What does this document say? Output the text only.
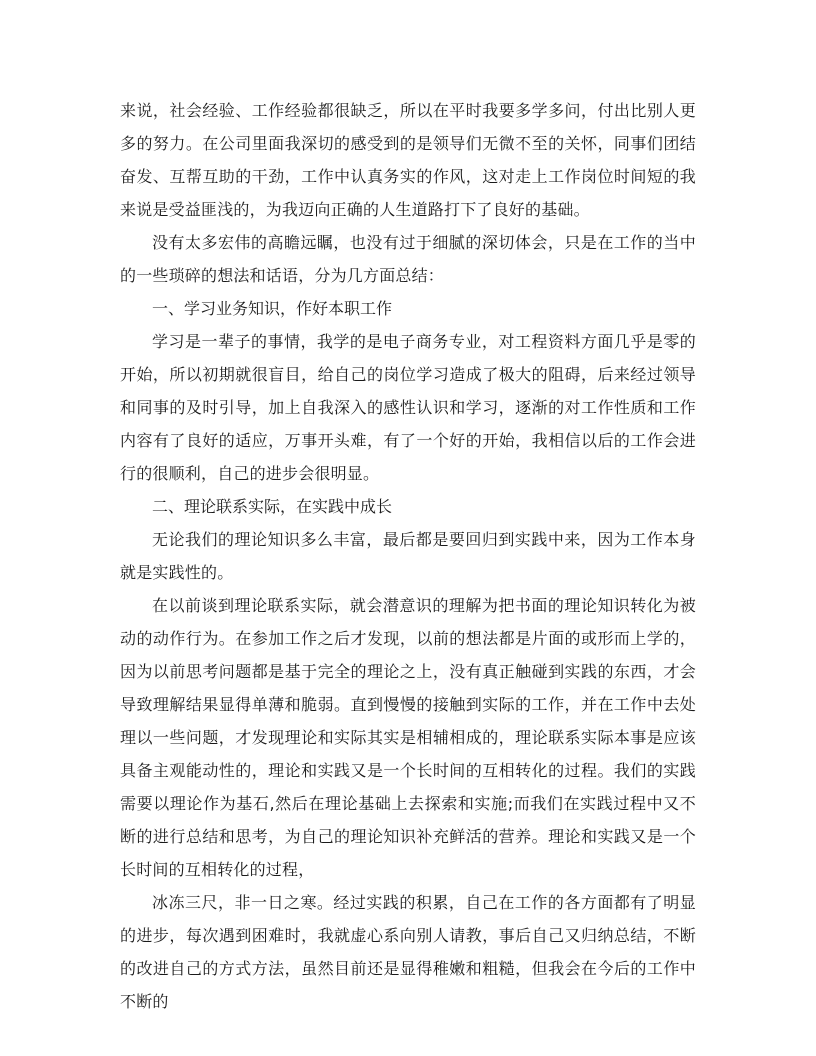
来说，社会经验、工作经验都很缺乏，所以在平时我要多学多问，付出比别人更多的努力。在公司里面我深切的感受到的是领导们无微不至的关怀，同事们团结奋发、互帮互助的干劲，工作中认真务实的作风，这对走上工作岗位时间短的我来说是受益匪浅的，为我迈向正确的人生道路打下了良好的基础。

没有太多宏伟的高瞻远瞩，也没有过于细腻的深切体会，只是在工作的当中的一些琐碎的想法和话语，分为几方面总结：

一、学习业务知识，作好本职工作

学习是一辈子的事情，我学的是电子商务专业，对工程资料方面几乎是零的开始，所以初期就很盲目，给自己的岗位学习造成了极大的阻碍，后来经过领导和同事的及时引导，加上自我深入的感性认识和学习，逐渐的对工作性质和工作内容有了良好的适应，万事开头难，有了一个好的开始，我相信以后的工作会进行的很顺利，自己的进步会很明显。

二、理论联系实际，在实践中成长

无论我们的理论知识多么丰富，最后都是要回归到实践中来，因为工作本身就是实践性的。

在以前谈到理论联系实际，就会潜意识的理解为把书面的理论知识转化为被动的动作行为。在参加工作之后才发现，以前的想法都是片面的或形而上学的，因为以前思考问题都是基于完全的理论之上，没有真正触碰到实践的东西，才会导致理解结果显得单薄和脆弱。直到慢慢的接触到实际的工作，并在工作中去处理以一些问题，才发现理论和实际其实是相辅相成的，理论联系实际本事是应该具备主观能动性的，理论和实践又是一个长时间的互相转化的过程。我们的实践需要以理论作为基石,然后在理论基础上去探索和实施;而我们在实践过程中又不断的进行总结和思考，为自己的理论知识补充鲜活的营养。理论和实践又是一个长时间的互相转化的过程，

冰冻三尺，非一日之寒。经过实践的积累，自己在工作的各方面都有了明显的进步，每次遇到困难时，我就虚心系向别人请教，事后自己又归纳总结，不断的改进自己的方式方法，虽然目前还是显得稚嫩和粗糙，但我会在今后的工作中不断的
